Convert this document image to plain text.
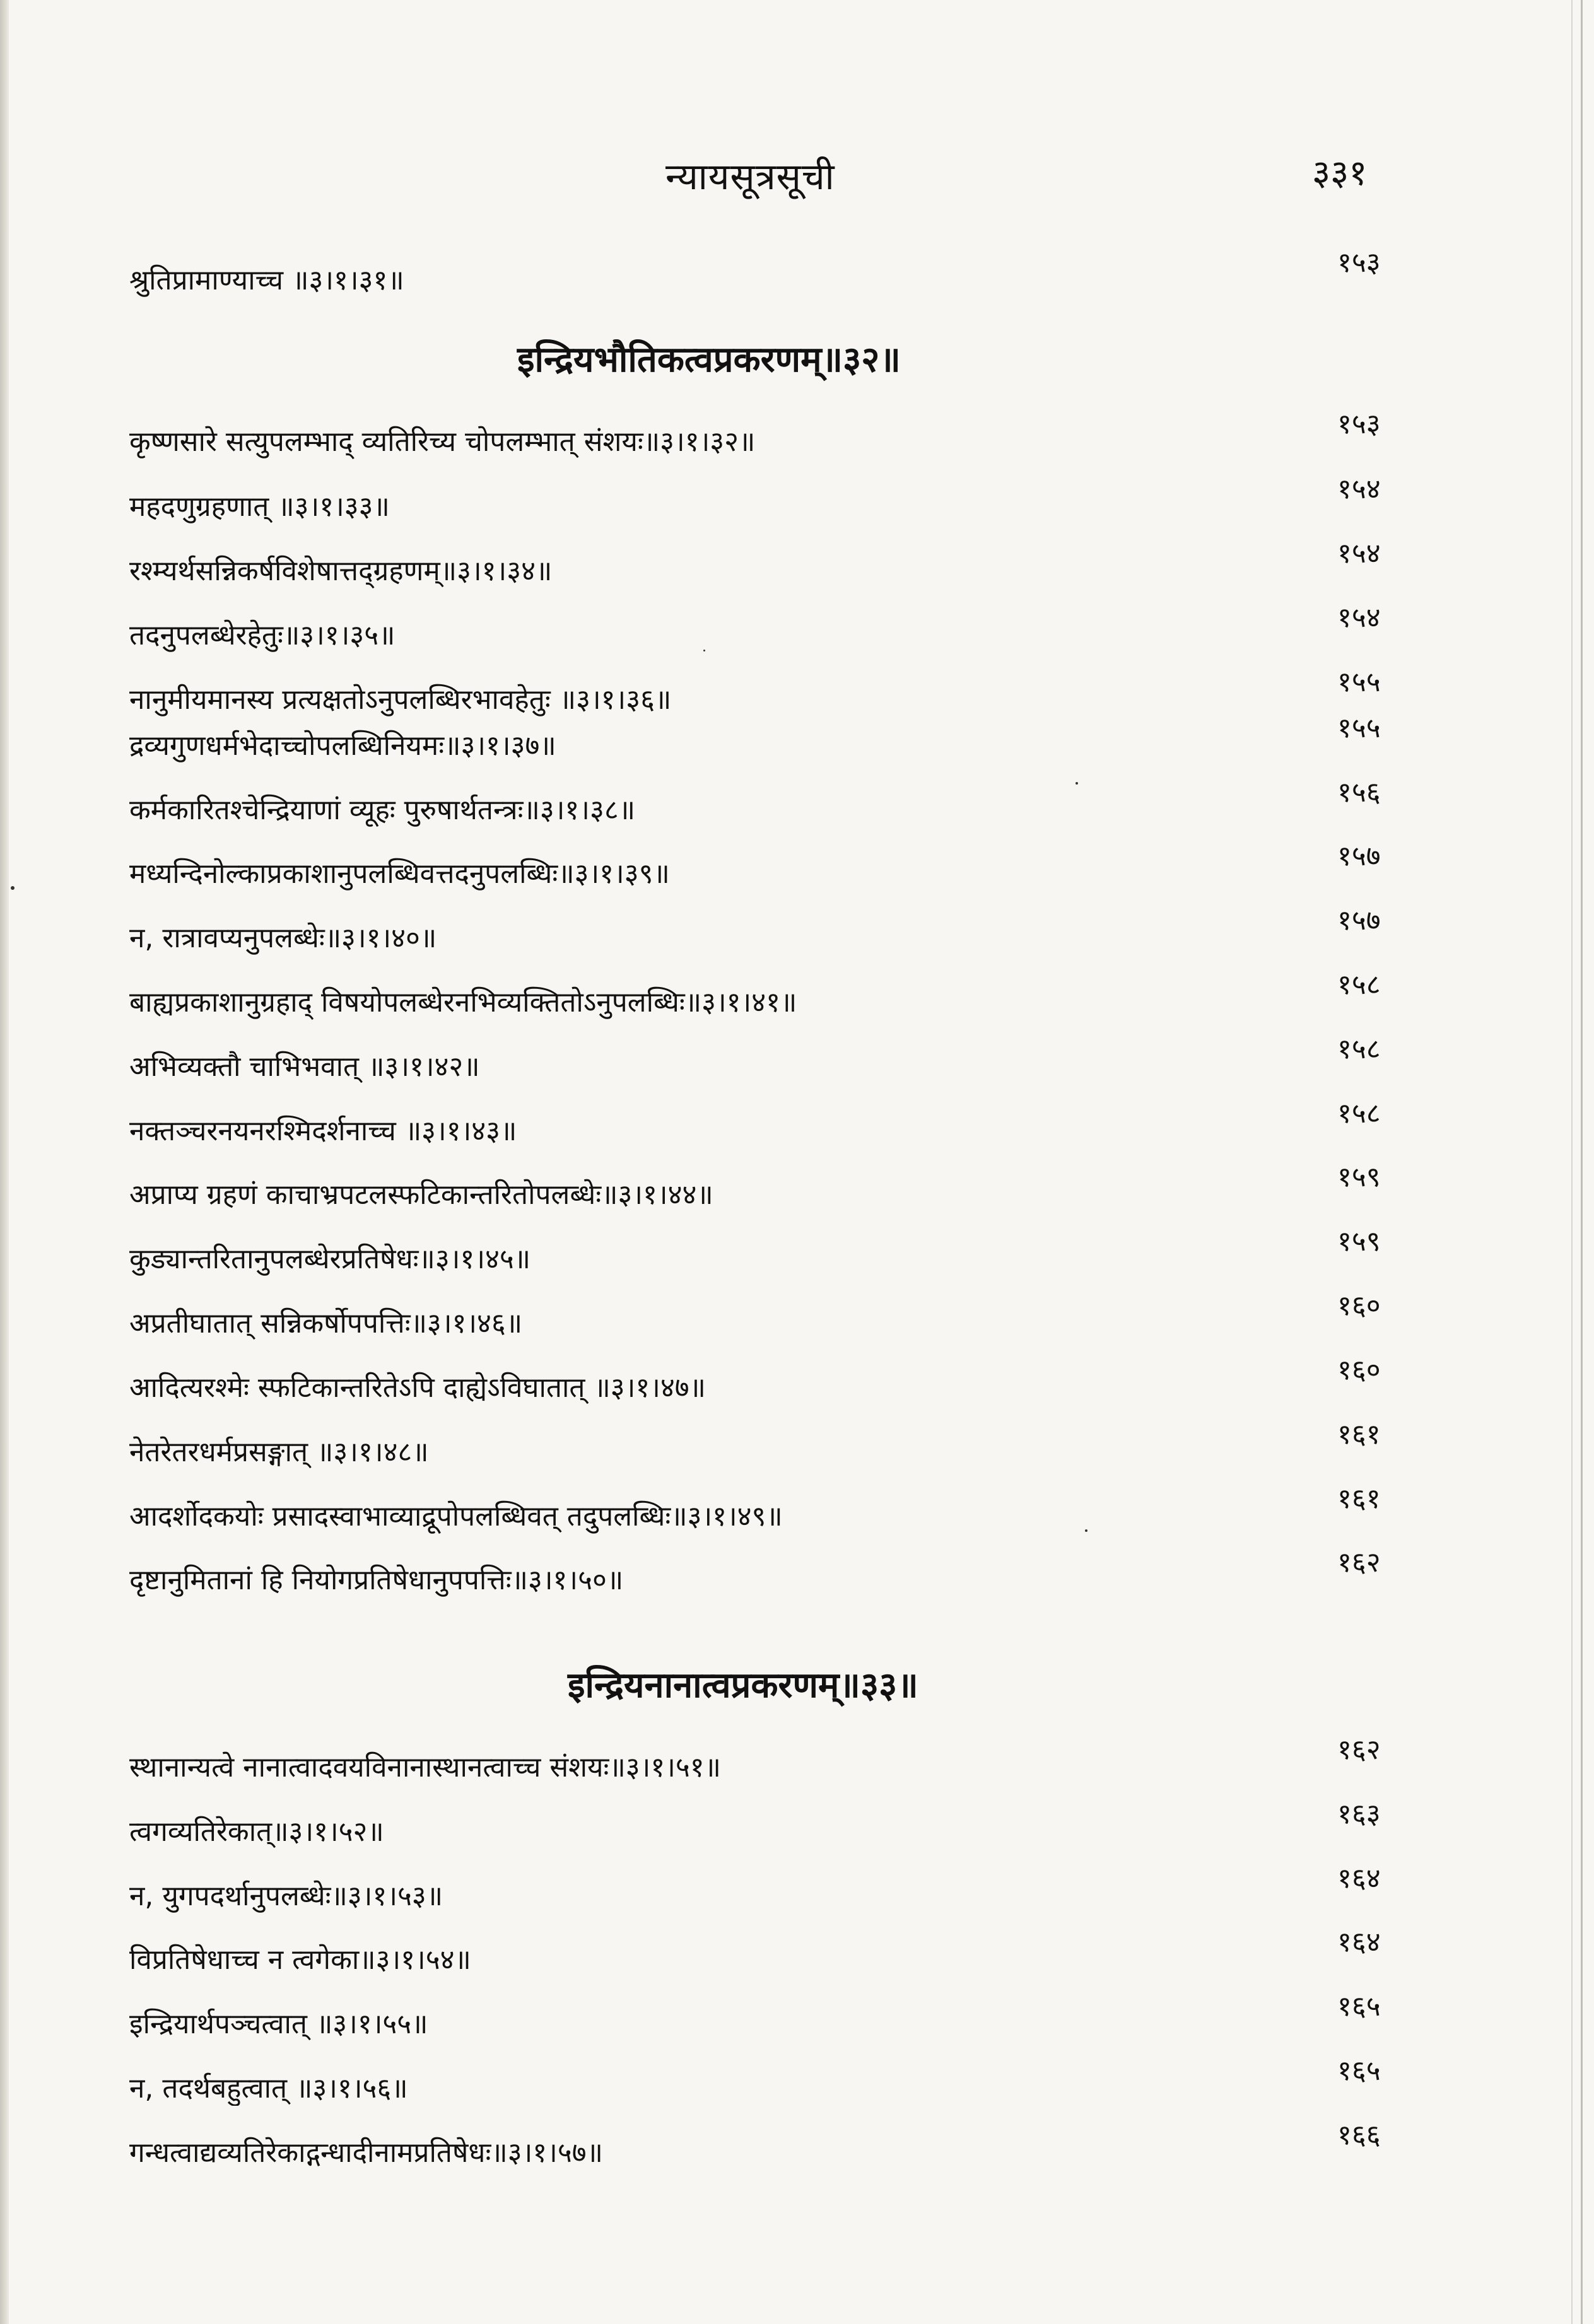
न्यायसूत्रसूची	३३१
श्रुतिप्रामाण्याच्च ॥३।१।३१॥
१५३
इन्द्रियभौतिकत्वप्रकरणम्॥३२॥
कृष्णसारे सत्युपलम्भाद् व्यतिरिच्य चोपलम्भात् संशयः॥३।१।३२॥
१५३
महदणुग्रहणात् ॥३।१।३३॥
१५४
रश्म्यर्थसन्निकर्षविशेषात्तद्ग्रहणम्॥३।१।३४॥
१५४
तदनुपलब्धेरहेतुः॥३।१।३५॥
१५४
नानुमीयमानस्य प्रत्यक्षतोऽनुपलब्धिरभावहेतुः ॥३।१।३६॥
१५५
द्रव्यगुणधर्मभेदाच्चोपलब्धिनियमः॥३।१।३७॥
१५५
कर्मकारितश्चेन्द्रियाणां व्यूहः पुरुषार्थतन्त्रः॥३।१।३८॥
१५६
मध्यन्दिनोल्काप्रकाशानुपलब्धिवत्तदनुपलब्धिः॥३।१।३९॥
१५७
न, रात्रावप्यनुपलब्धेः॥३।१।४०॥
१५७
बाह्यप्रकाशानुग्रहाद् विषयोपलब्धेरनभिव्यक्तितोऽनुपलब्धिः॥३।१।४१॥
१५८
अभिव्यक्तौ चाभिभवात् ॥३।१।४२॥
१५८
नक्तञ्चरनयनरश्मिदर्शनाच्च ॥३।१।४३॥
१५८
अप्राप्य ग्रहणं काचाभ्रपटलस्फटिकान्तरितोपलब्धेः॥३।१।४४॥
१५९
कुड्यान्तरितानुपलब्धेरप्रतिषेधः॥३।१।४५॥
१५९
अप्रतीघातात् सन्निकर्षोपपत्तिः॥३।१।४६॥
१६०
आदित्यरश्मेः स्फटिकान्तरितेऽपि दाह्येऽविघातात् ॥३।१।४७॥
१६०
नेतरेतरधर्मप्रसङ्गात् ॥३।१।४८॥
१६१
आदर्शोदकयोः प्रसादस्वाभाव्याद्रूपोपलब्धिवत् तदुपलब्धिः॥३।१।४९॥
१६१
दृष्टानुमितानां हि नियोगप्रतिषेधानुपपत्तिः॥३।१।५०॥
१६२
इन्द्रियनानात्वप्रकरणम्॥३३॥
स्थानान्यत्वे नानात्वादवयविनानास्थानत्वाच्च संशयः॥३।१।५१॥
१६२
त्वगव्यतिरेकात्॥३।१।५२॥
१६३
न, युगपदर्थानुपलब्धेः॥३।१।५३॥
१६४
विप्रतिषेधाच्च न त्वगेका॥३।१।५४॥
१६४
इन्द्रियार्थपञ्चत्वात् ॥३।१।५५॥
१६५
न, तदर्थबहुत्वात् ॥३।१।५६॥
१६५
गन्धत्वाद्यव्यतिरेकाद्गन्धादीनामप्रतिषेधः॥३।१।५७॥
१६६
